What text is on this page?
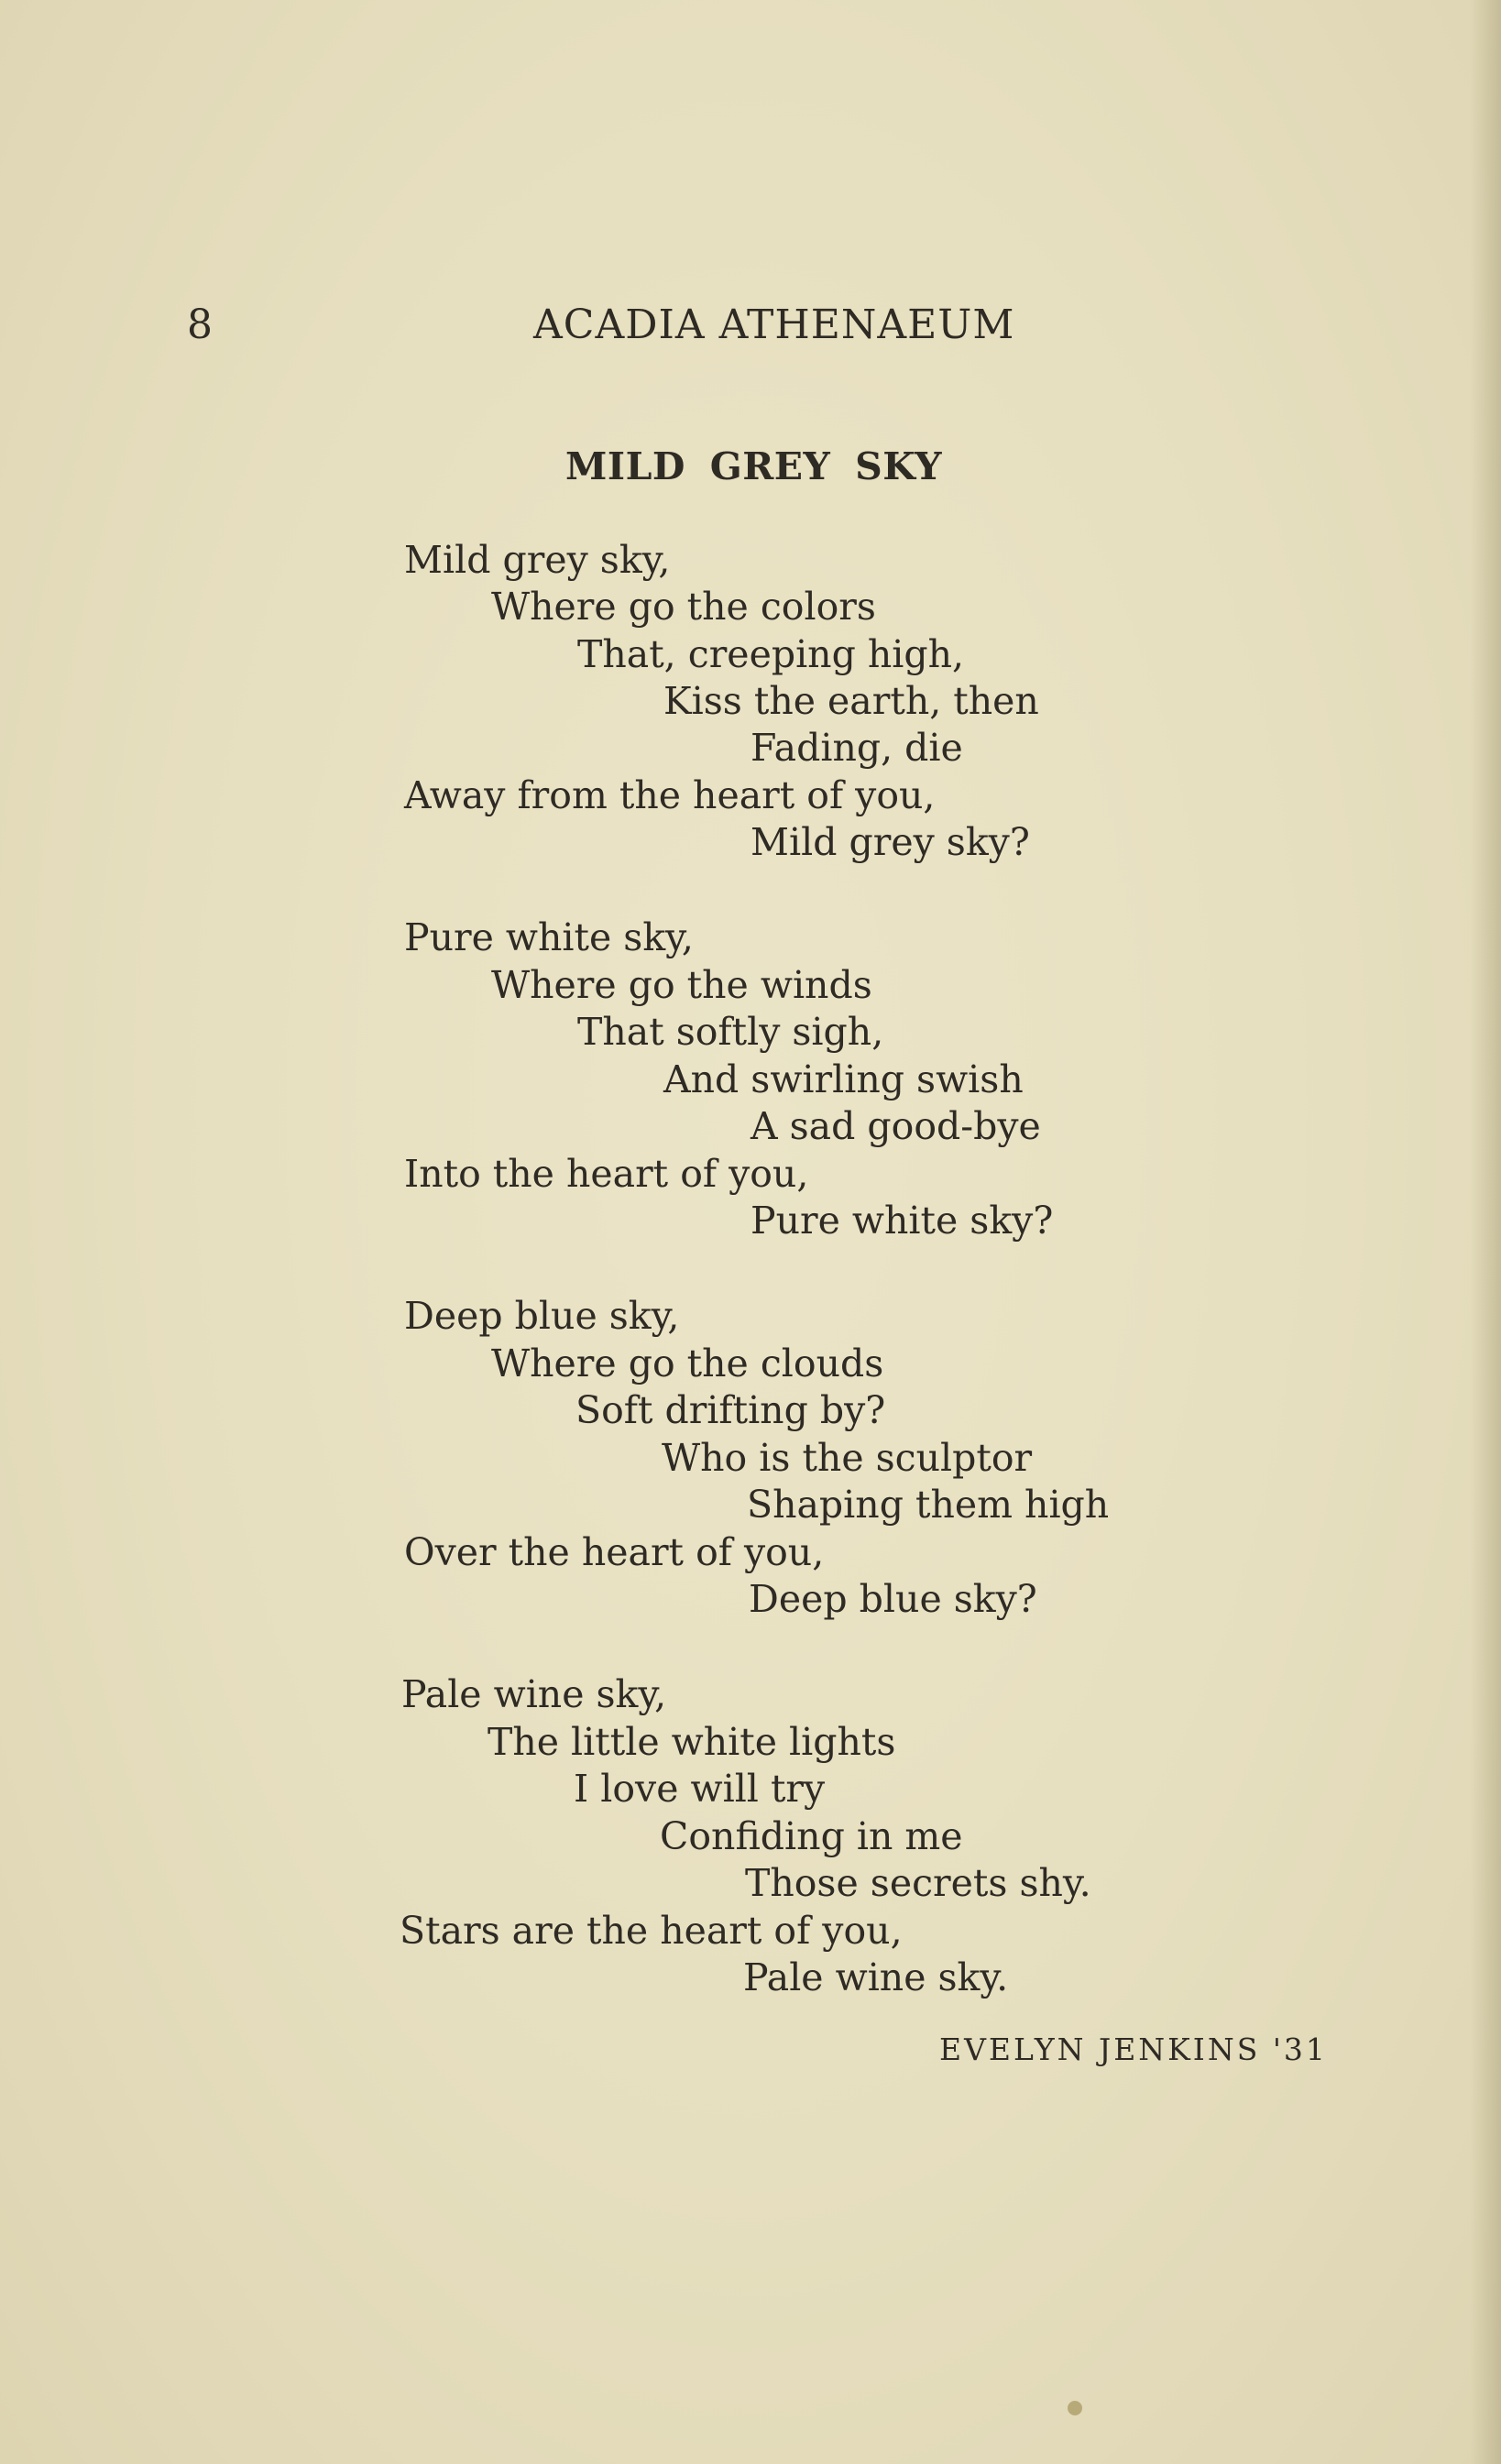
8	ACADIA ATHENAEUM
MILD GREY SKY
Mild grey sky,
Where go the colors
That, creeping high,
Kiss the earth, then
Fading, die
Away from the heart of you,
Mild grey sky?
Pure white sky,
Where go the winds
That softly sigh,
And swirling swish
A sad good-bye
Into the heart of you,
Pure white sky?
Deep blue sky,
Where go the clouds
Soft drifting by?
Who is the sculptor
Shaping them high
Over the heart of you,
Deep blue sky?
Pale wine sky,
The little white lights
I love will try
Confiding in me
Those secrets shy.
Stars are the heart of you,
Pale wine sky.
EVELYN JENKINS '31
